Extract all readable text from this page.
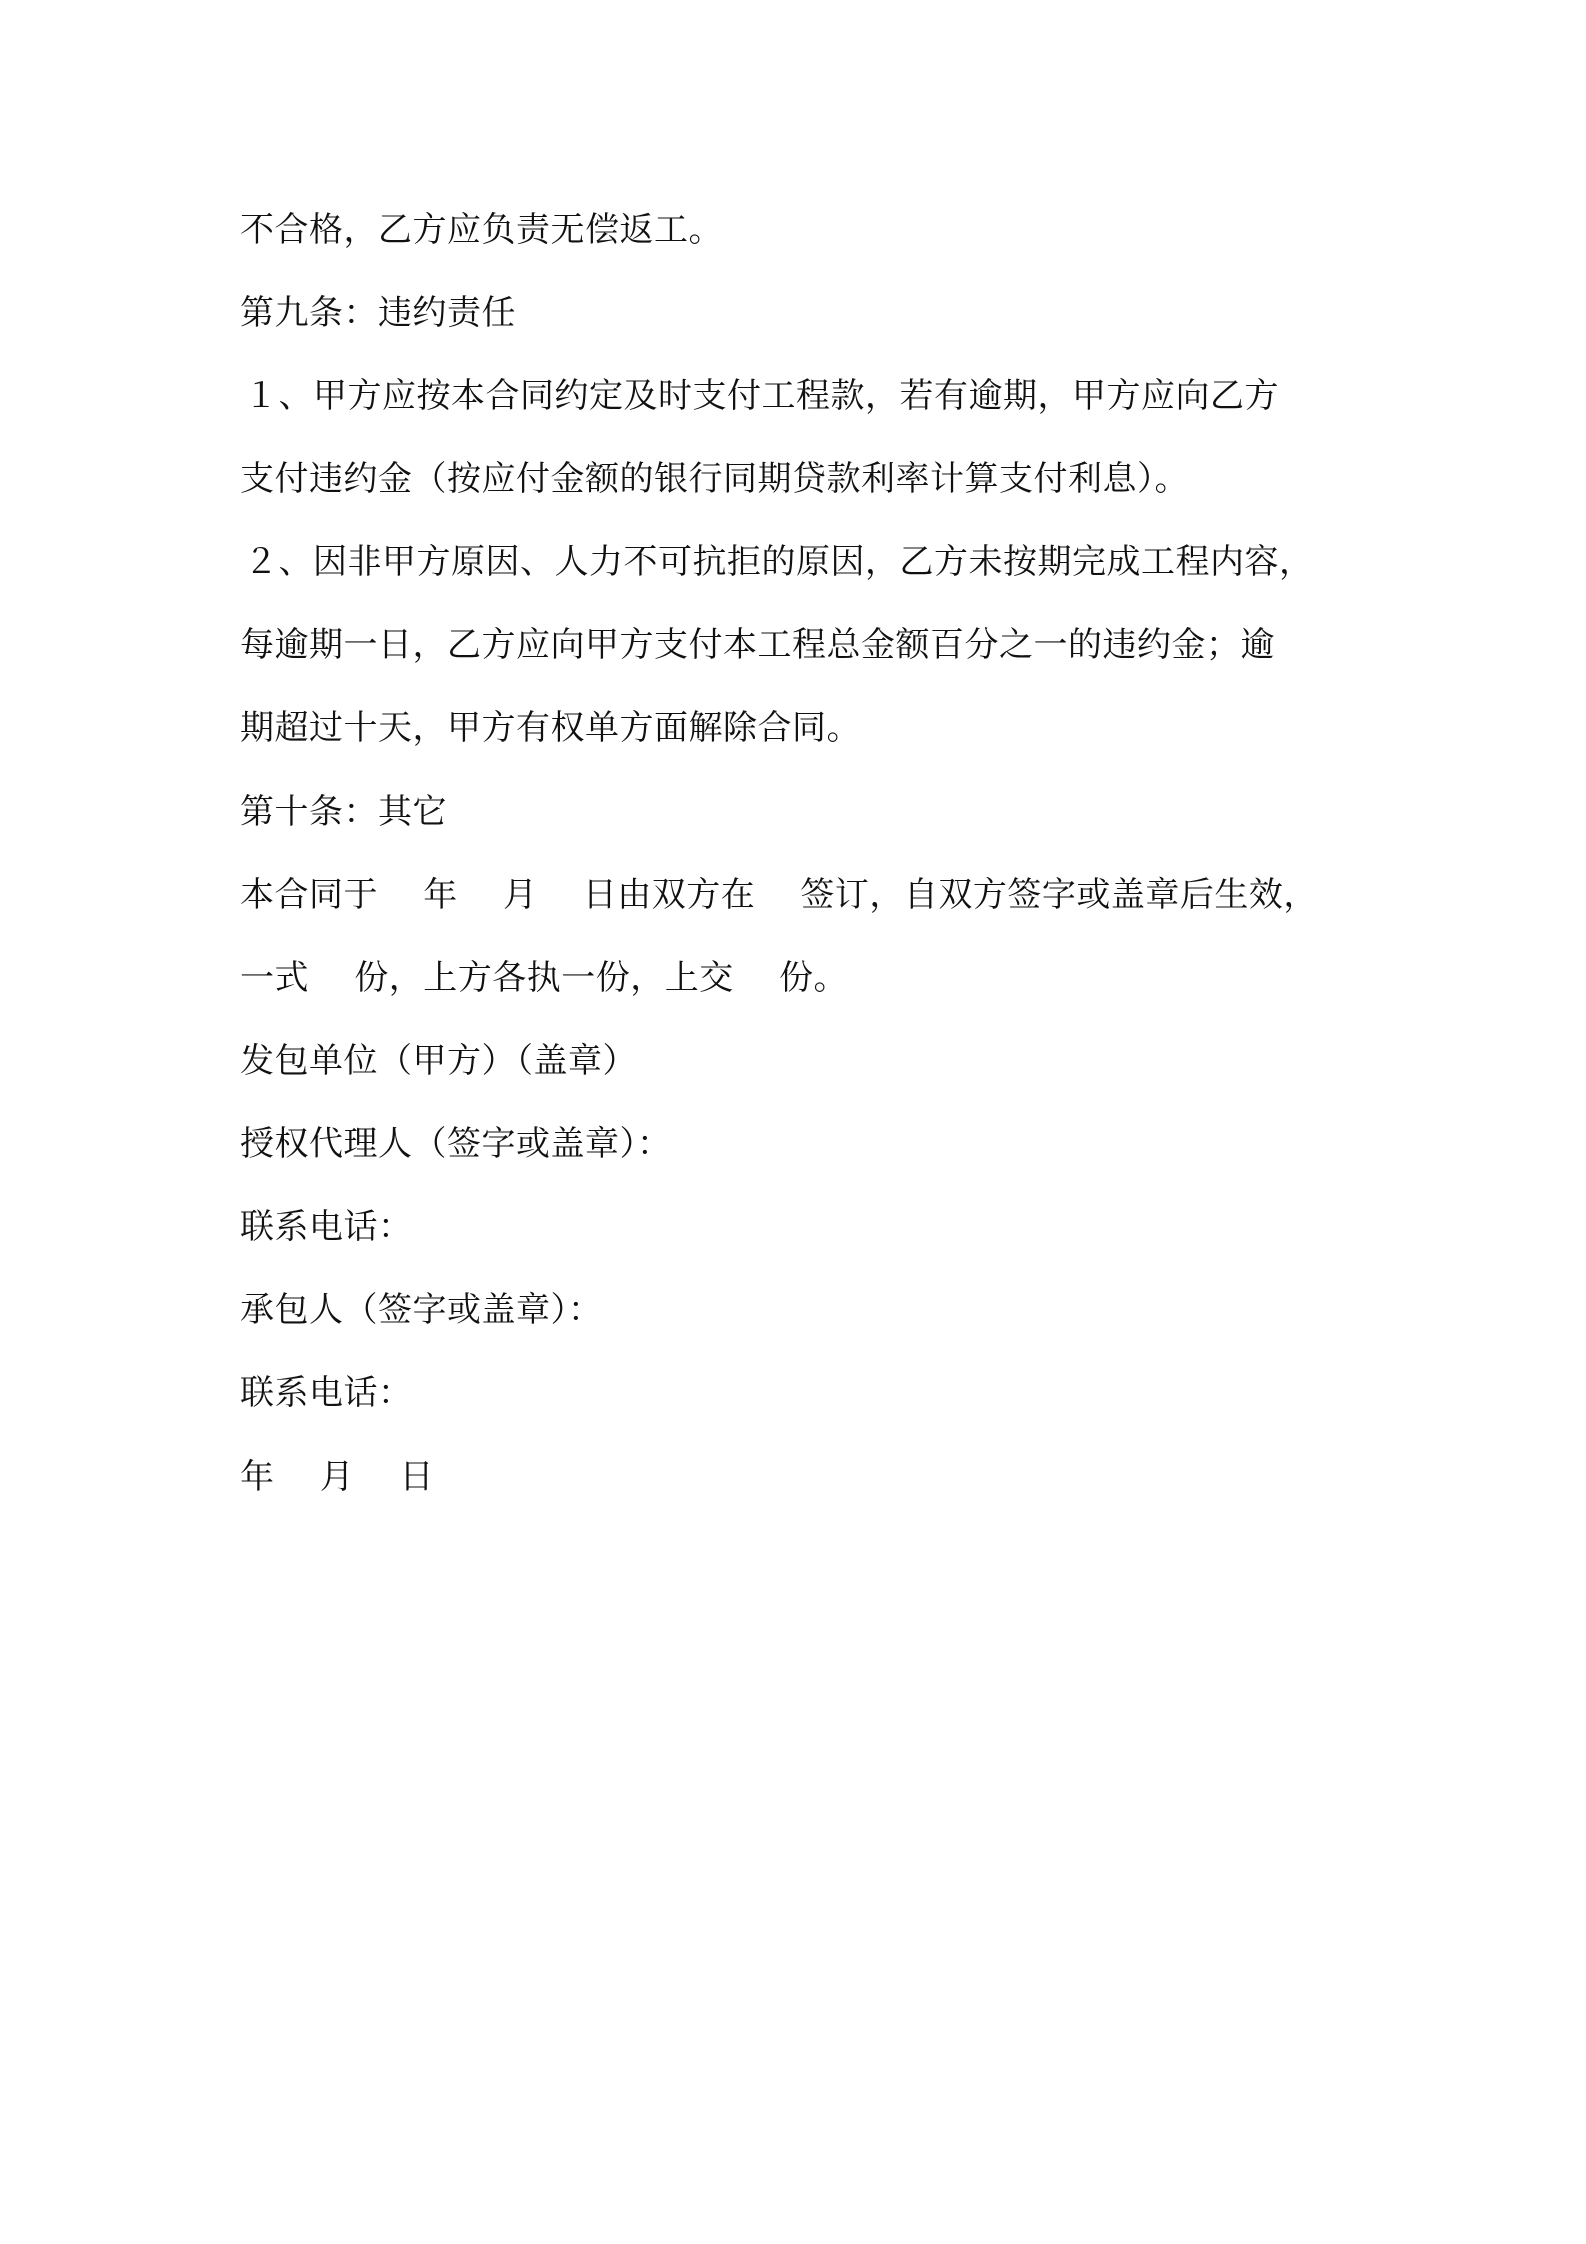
不合格，乙方应负责无偿返工。
第九条：违约责任
１、甲方应按本合同约定及时支付工程款，若有逾期，甲方应向乙方
支付违约金（按应付金额的银行同期贷款利率计算支付利息）。
２、因非甲方原因、人力不可抗拒的原因，乙方未按期完成工程内容，
每逾期一日，乙方应向甲方支付本工程总金额百分之一的违约金；逾
期超过十天，甲方有权单方面解除合同。
第十条：其它
本合同于    年    月    日由双方在    签订，自双方签字或盖章后生效，
一式    份，上方各执一份，上交    份。
发包单位（甲方）（盖章）
授权代理人（签字或盖章）：
联系电话：
承包人（签字或盖章）：
联系电话：
年    月    日
